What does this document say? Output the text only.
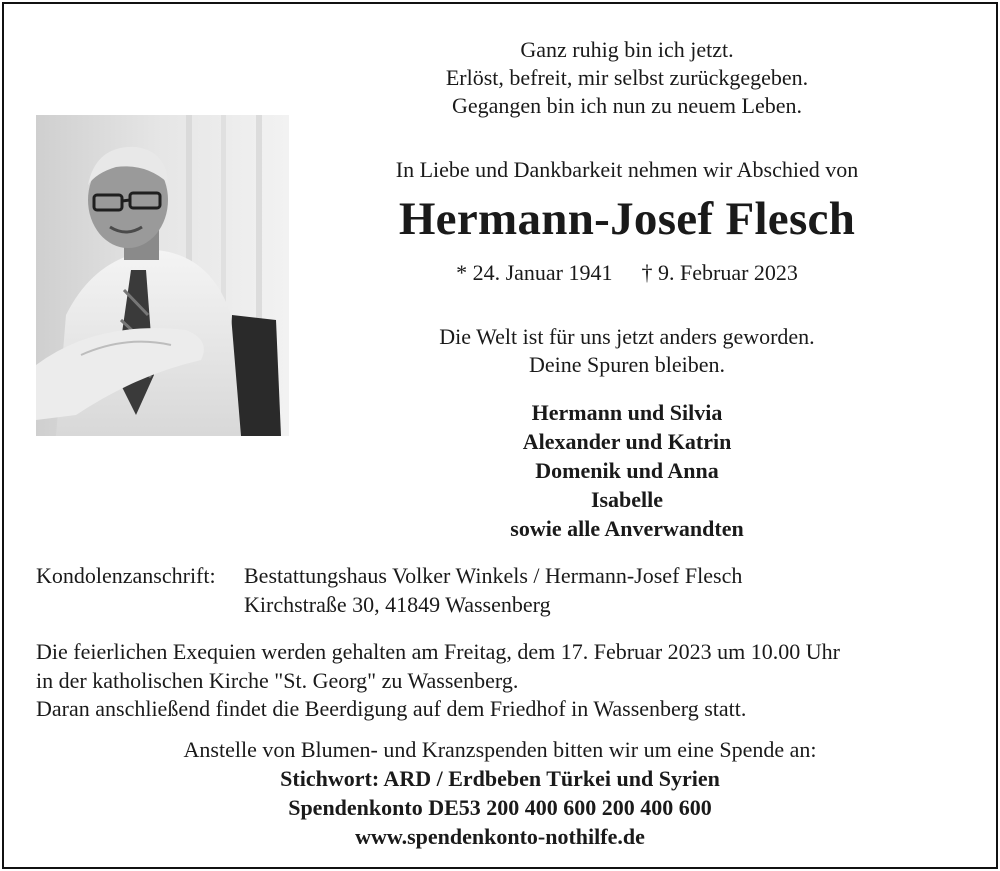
Ganz ruhig bin ich jetzt.
Erlöst, befreit, mir selbst zurückgegeben.
Gegangen bin ich nun zu neuem Leben.
In Liebe und Dankbarkeit nehmen wir Abschied von
Hermann-Josef Flesch
* 24. Januar 1941 † 9. Februar 2023
Die Welt ist für uns jetzt anders geworden.
Deine Spuren bleiben.
Hermann und Silvia
Alexander und Katrin
Domenik und Anna
Isabelle
sowie alle Anverwandten
Kondolenzanschrift: Bestattungshaus Volker Winkels / Hermann-Josef Flesch
Kirchstraße 30, 41849 Wassenberg
Die feierlichen Exequien werden gehalten am Freitag, dem 17. Februar 2023 um 10.00 Uhr
in der katholischen Kirche "St. Georg" zu Wassenberg.
Daran anschließend findet die Beerdigung auf dem Friedhof in Wassenberg statt.
Anstelle von Blumen- und Kranzspenden bitten wir um eine Spende an:
Stichwort: ARD / Erdbeben Türkei und Syrien
Spendenkonto DE53 200 400 600 200 400 600
www.spendenkonto-nothilfe.de
